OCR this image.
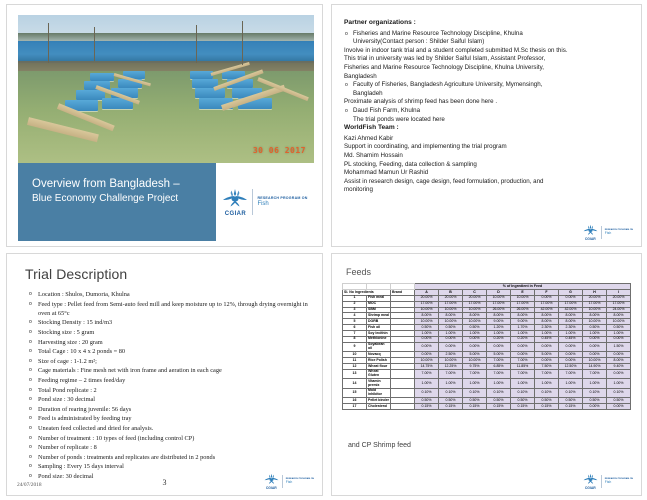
30 06 2017
Overview from Bangladesh –
Blue Economy Challenge Project
CGIAR
RESEARCH PROGRAM ON
Fish
Partner organizations :
o Fisheries and Marine Resource Technology Discipline, Khulna
University(Contact person : Shilder Saiful Islam)
Involve in indoor tank trial and a student completed submitted M.Sc thesis on this.
This trial in university was led by Shilder Saiful Islam, Assistant Professor,
Fisheries and Marine Resource Technology Discipline, Khulna University,
Bangladesh
o Faculty of Fisheries, Bangladesh Agriculture University, Mymensingh,
Bangladeh
Proximate analysis of shrimp feed has been done here .
o Daud Fish Farm, Khulna
The trial ponds were located here
WorldFish Team :
Kazi Ahmed Kabir
Support in coordinating, and implementing the trial program
Md. Shamim Hossain
PL stocking, Feeding, data collection & sampling
Mohammad Mamun Ur Rashid
Assist in research design, cage design, feed formulation, production, and
monitoring
CGIAR
RESEARCH PROGRAM ON
Fish
Trial Description
o Location : Shulos, Dumoria, Khulna
o Feed type : Pellet feed from Semi-auto feed mill and keep moisture up to 12%, through drying overnight in oven at 65°c
o Stocking Density : 15 ind/m3
o Stocking size : 5 gram
o Harvesting size : 20 gram
o Total Cage : 10 x 4 x 2 ponds = 80
o Size of cage : 1-1.2 m²;
o Cage materials : Fine mesh net with iron frame and aeration in each cage
o Feeding regime – 2 times feed/day
o Total Pond replicate : 2
o Pond size : 30 decimal
o Duration of rearing juvenile: 56 days
o Feed is administrated by feeding tray
o Uneaten feed collected and dried for analysis.
o Number of treatment : 10 types of feed (including control CP)
o Number of replicate : 8
o Number of ponds : treatments and replicates are distributed in 2 ponds
o Sampling : Every 15 days interval
o Pond size: 30 decimal
24/07/2018	3
CGIAR
RESEARCH PROGRAM ON
Fish
Feeds
			% of Ingredient in Feed								
Sl. No Ingredients		Brand	A	B	C	D	E	F	G	H	I
1	Fish meal		20.00%	20.00%	20.00%	10.00%	10.00%	0.00%	0.00%	20.00%	20.00%
2	MOC		17.00%	17.00%	17.00%	17.00%	17.00%	17.00%	17.00%	17.00%	17.00%
3	SBM		10.00%	10.00%	10.00%	26.00%	26.00%	42.00%	42.00%	10.00%	24.00%
4	Shrimp meal		8.00%	8.00%	8.00%	8.00%	8.00%	8.00%	8.00%	8.00%	8.00%
5	DORB		10.00%	10.00%	10.00%	9.00%	9.00%	8.00%	8.00%	10.00%	10.00%
6	Fish oil		0.50%	0.50%	0.50%	1.20%	1.70%	2.30%	2.30%	0.50%	0.50%
7	Soy lecithin		1.00%	1.00%	1.00%	1.00%	1.00%	1.00%	1.00%	1.00%	1.00%
8	Methionine		0.00%	0.00%	0.00%	0.20%	0.20%	0.45%	0.45%	0.00%	0.00%
9	Soyabean oil		0.00%	0.00%	0.00%	0.00%	0.00%	0.00%	0.00%	0.00%	1.50%
10	Novacq		0.00%	2.50%	5.00%	5.00%	0.00%	5.00%	0.00%	0.00%	0.00%
11	Rice Polish		10.00%	10.00%	10.00%	7.00%	7.00%	0.00%	0.00%	10.00%	8.00%
12	Wheat flour		14.75%	12.25%	9.75%	6.85%	11.85%	7.50%	12.50%	14.90%	9.40%
13	Wheat Gluten		7.00%	7.00%	7.00%	7.00%	7.00%	7.00%	7.00%	7.00%	0.00%
14	Vitamin premix		1.00%	1.00%	1.00%	1.00%	1.00%	1.00%	1.00%	1.00%	1.00%
15	Mold inhibitor		0.10%	0.10%	0.10%	0.10%	0.10%	0.10%	0.10%	0.10%	0.10%
16	Pellet binder		0.50%	0.50%	0.50%	0.50%	0.50%	0.50%	0.50%	0.50%	0.50%
17	Cholesterol		0.15%	0.15%	0.15%	0.15%	0.15%	0.15%	0.15%	0.00%	0.00%
and CP Shrimp feed
CGIAR
RESEARCH PROGRAM ON
Fish
